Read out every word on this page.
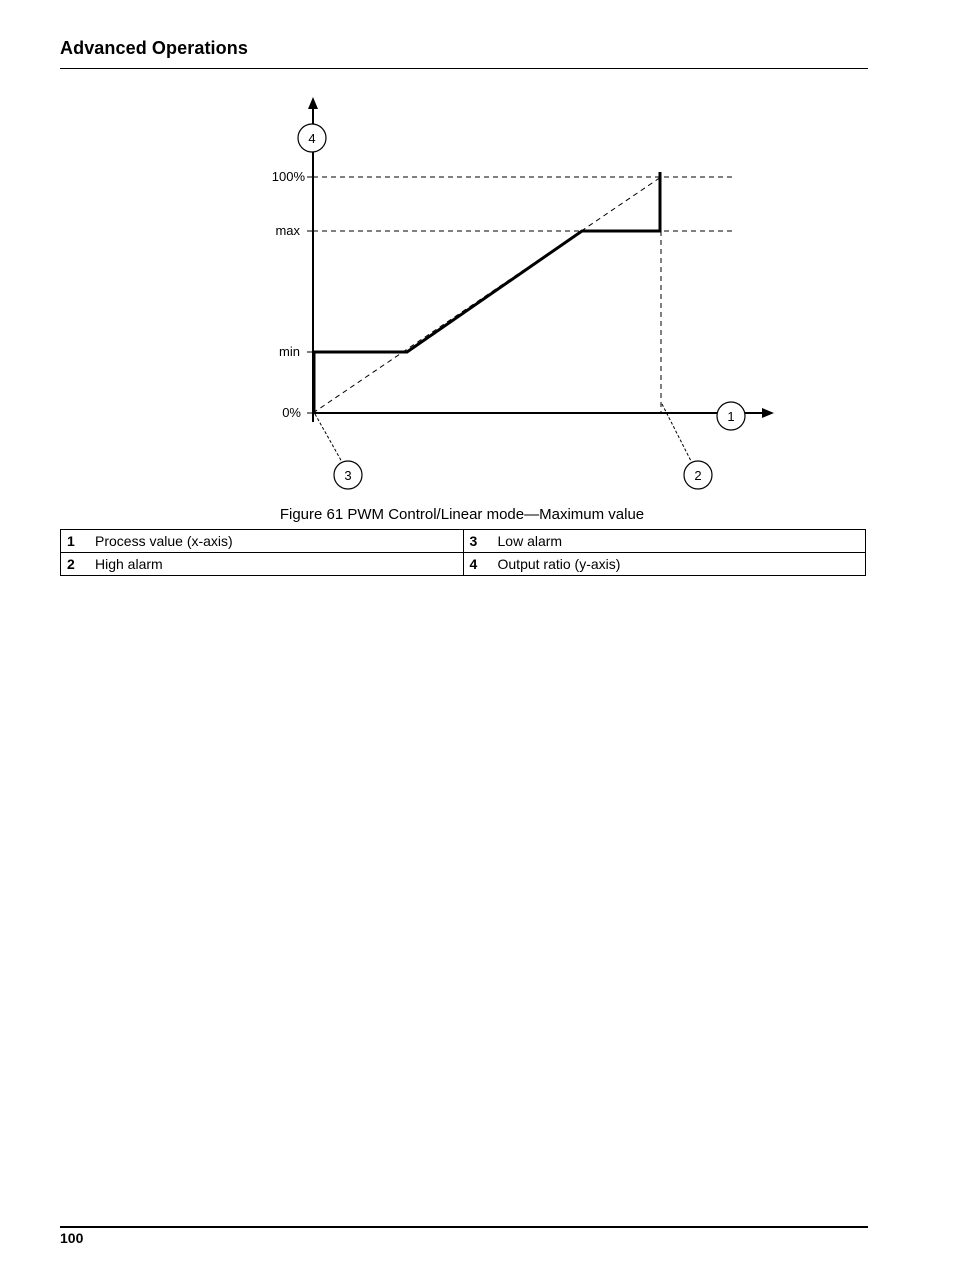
Advanced Operations
100%
max
min
0%
4
1
3	2
Figure 61 PWM Control/Linear mode—Maximum value
1 Process value (x-axis)	3 Low alarm
2 High alarm	4 Output ratio (y-axis)
100
